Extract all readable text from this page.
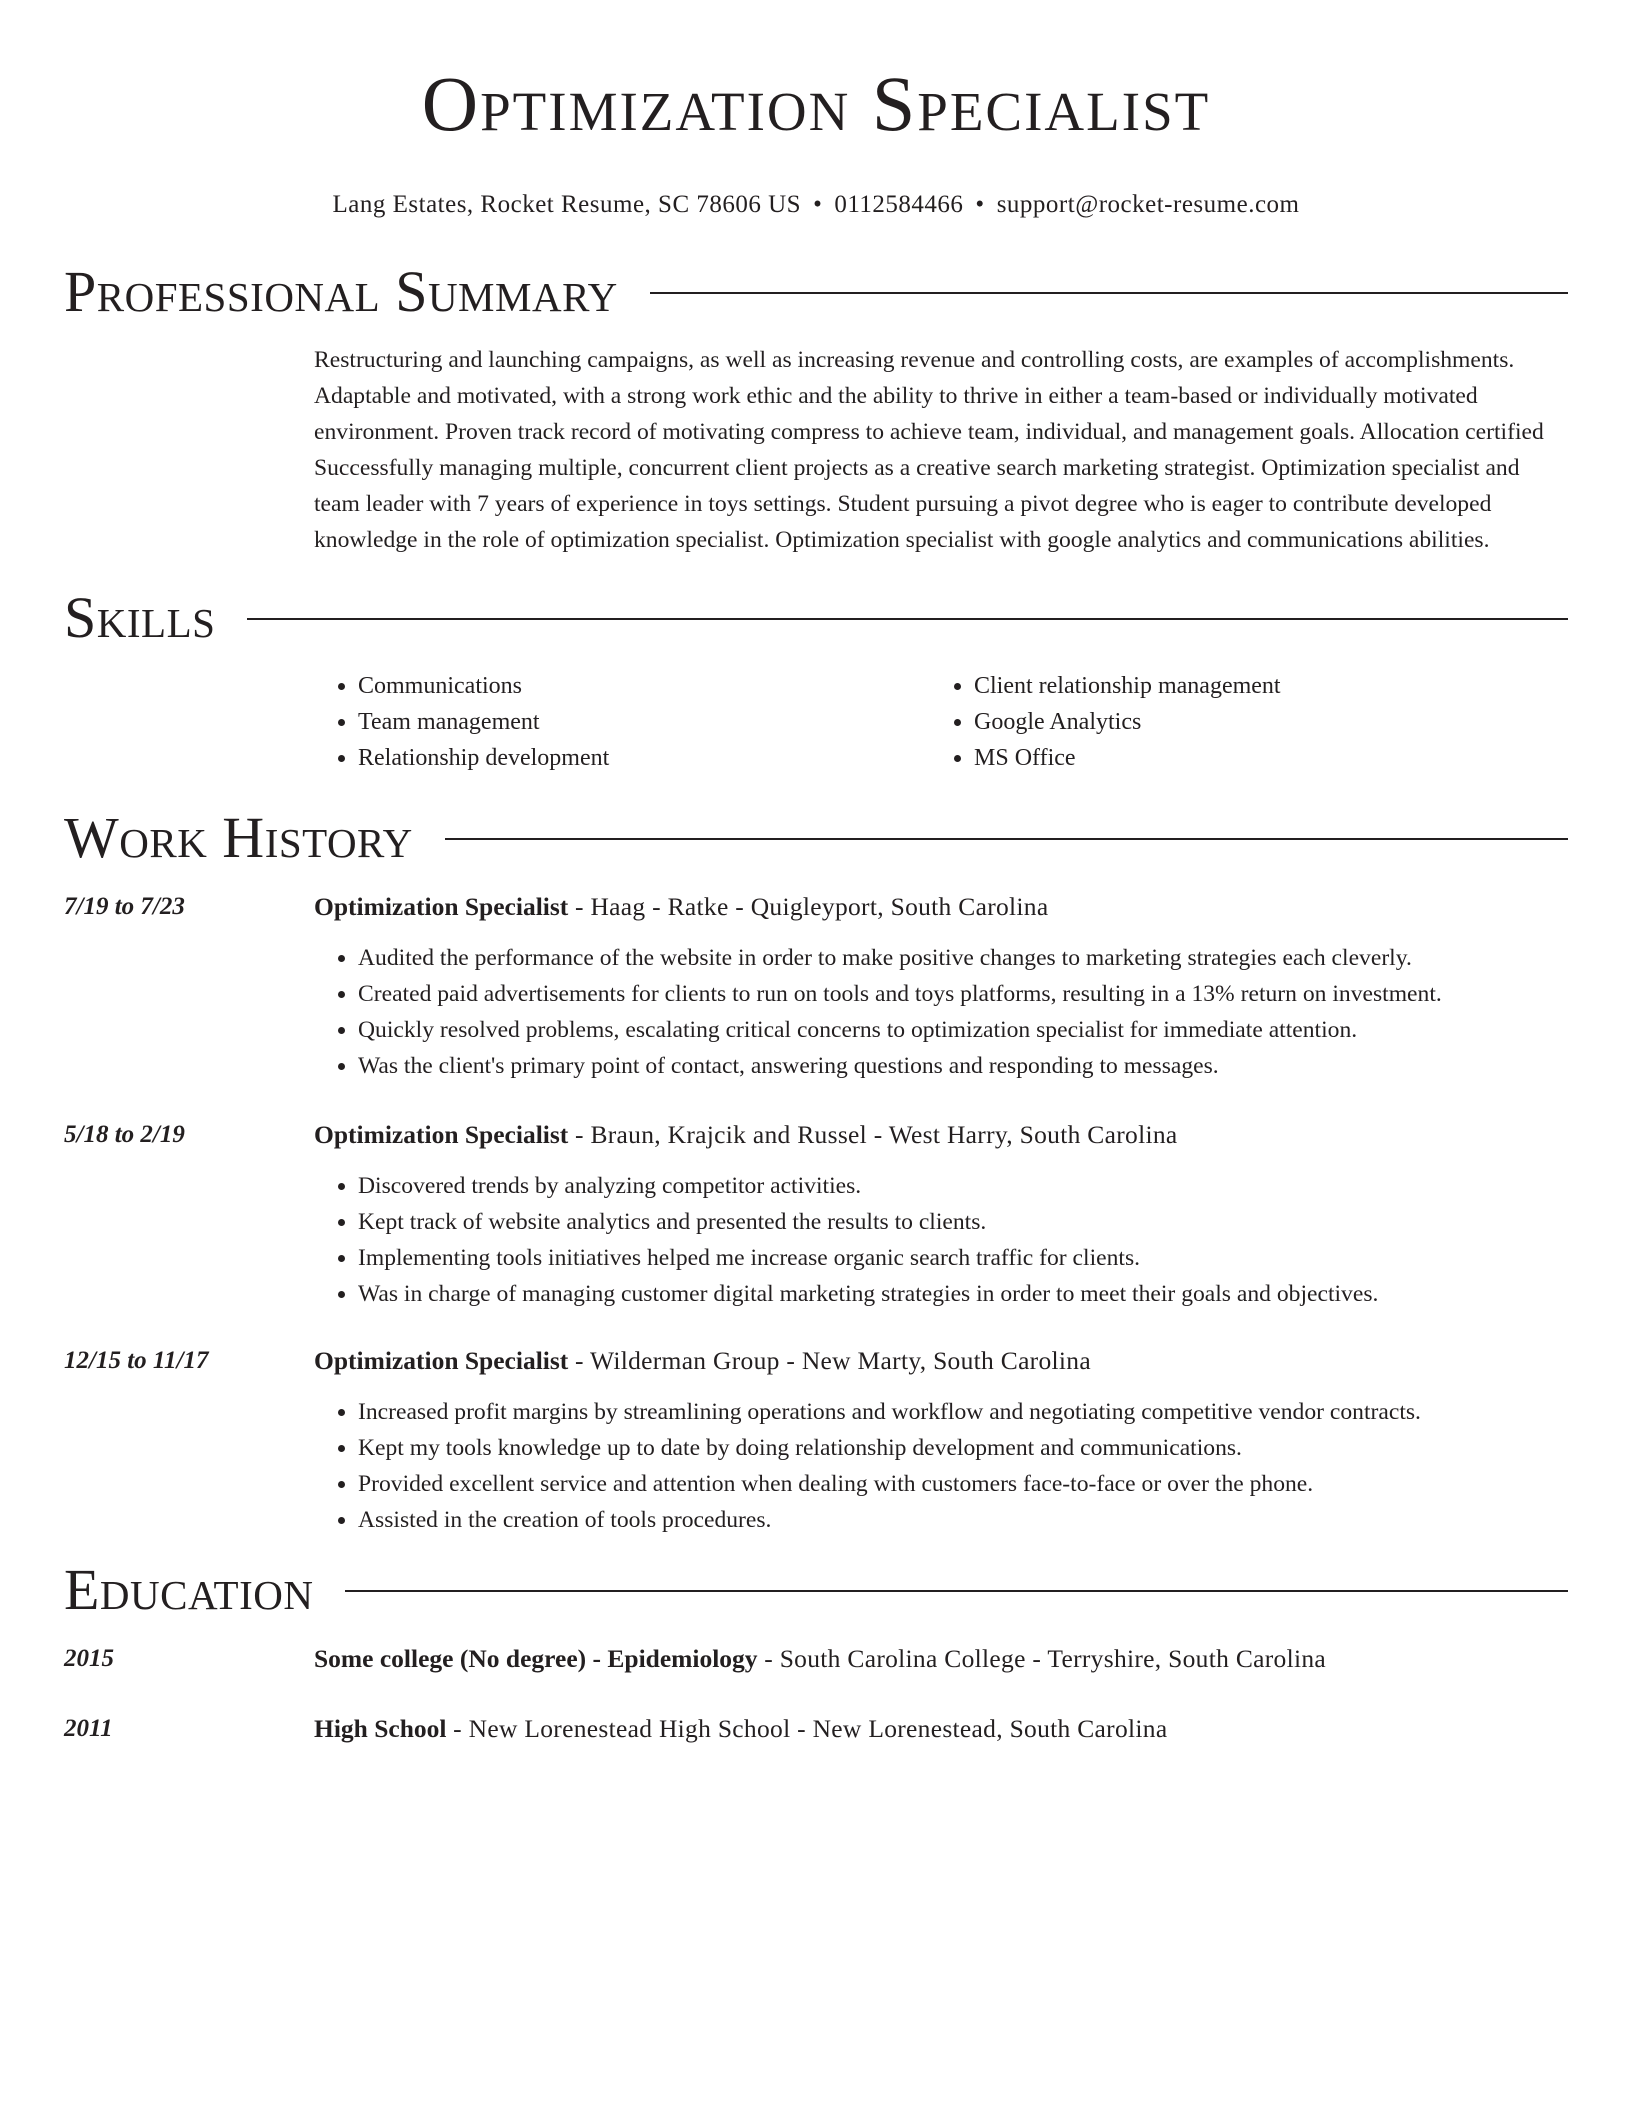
Optimization Specialist
Lang Estates, Rocket Resume, SC 78606 US • 0112584466 • support@rocket-resume.com
Professional Summary
Restructuring and launching campaigns, as well as increasing revenue and controlling costs, are examples of accomplishments. Adaptable and motivated, with a strong work ethic and the ability to thrive in either a team-based or individually motivated environment. Proven track record of motivating compress to achieve team, individual, and management goals. Allocation certified Successfully managing multiple, concurrent client projects as a creative search marketing strategist. Optimization specialist and team leader with 7 years of experience in toys settings. Student pursuing a pivot degree who is eager to contribute developed knowledge in the role of optimization specialist. Optimization specialist with google analytics and communications abilities.
Skills
• Communications
• Team management
• Relationship development
• Client relationship management
• Google Analytics
• MS Office
Work History
7/19 to 7/23	Optimization Specialist - Haag - Ratke - Quigleyport, South Carolina
• Audited the performance of the website in order to make positive changes to marketing strategies each cleverly.
• Created paid advertisements for clients to run on tools and toys platforms, resulting in a 13% return on investment.
• Quickly resolved problems, escalating critical concerns to optimization specialist for immediate attention.
• Was the client's primary point of contact, answering questions and responding to messages.
5/18 to 2/19	Optimization Specialist - Braun, Krajcik and Russel - West Harry, South Carolina
• Discovered trends by analyzing competitor activities.
• Kept track of website analytics and presented the results to clients.
• Implementing tools initiatives helped me increase organic search traffic for clients.
• Was in charge of managing customer digital marketing strategies in order to meet their goals and objectives.
12/15 to 11/17	Optimization Specialist - Wilderman Group - New Marty, South Carolina
• Increased profit margins by streamlining operations and workflow and negotiating competitive vendor contracts.
• Kept my tools knowledge up to date by doing relationship development and communications.
• Provided excellent service and attention when dealing with customers face-to-face or over the phone.
• Assisted in the creation of tools procedures.
Education
2015	Some college (No degree) - Epidemiology - South Carolina College - Terryshire, South Carolina
2011	High School - New Lorenestead High School - New Lorenestead, South Carolina
